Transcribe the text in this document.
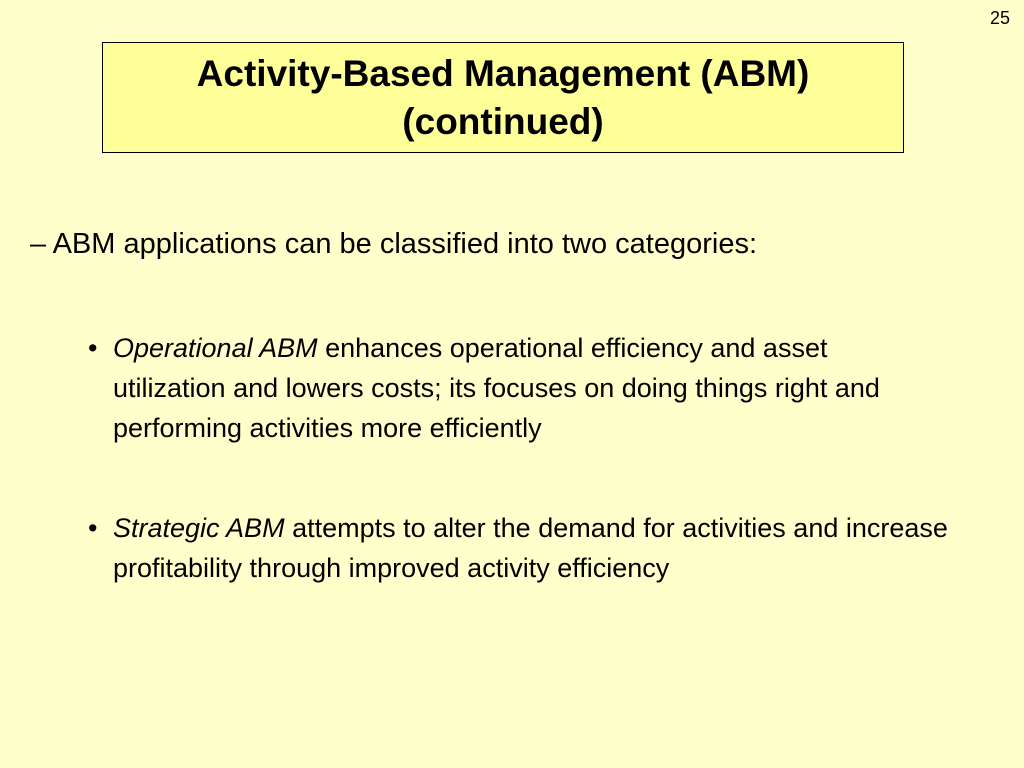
25
Activity-Based Management (ABM) (continued)
– ABM applications can be classified into two categories:
• Operational ABM enhances operational efficiency and asset utilization and lowers costs; its focuses on doing things right and performing activities more efficiently
• Strategic ABM attempts to alter the demand for activities and increase profitability through improved activity efficiency
